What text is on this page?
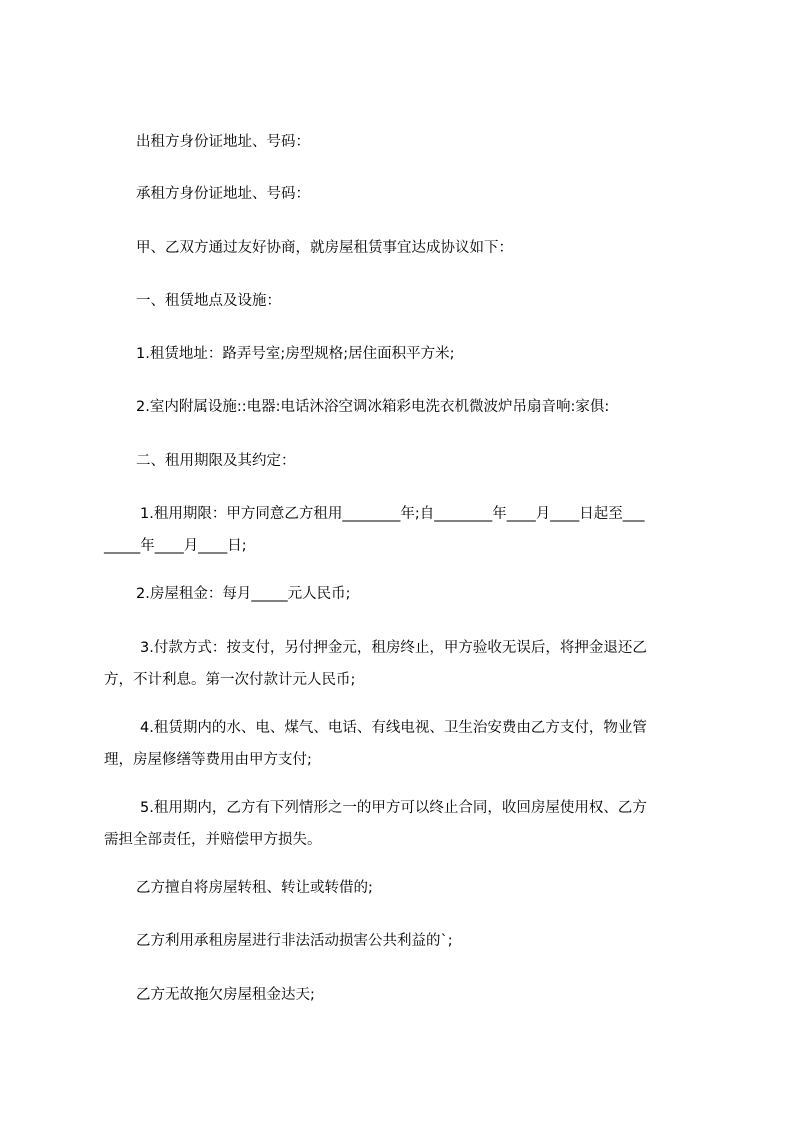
出租方身份证地址、号码：

承租方身份证地址、号码：

甲、乙双方通过友好协商，就房屋租赁事宜达成协议如下：

一、租赁地点及设施：

1.租赁地址：路弄号室;房型规格;居住面积平方米;

2.室内附属设施::电器:电话沐浴空调冰箱彩电洗衣机微波炉吊扇音响:家俱:

二、租用期限及其约定：

1.租用期限：甲方同意乙方租用________年;自________年____月____日起至___
_____年____月____日;

2.房屋租金：每月_____元人民币;

3.付款方式：按支付，另付押金元，租房终止，甲方验收无误后，将押金退还乙
方，不计利息。第一次付款计元人民币;

4.租赁期内的水、电、煤气、电话、有线电视、卫生治安费由乙方支付，物业管
理，房屋修缮等费用由甲方支付;

5.租用期内，乙方有下列情形之一的甲方可以终止合同，收回房屋使用权、乙方
需担全部责任，并赔偿甲方损失。

乙方擅自将房屋转租、转让或转借的;

乙方利用承租房屋进行非法活动损害公共利益的`;

乙方无故拖欠房屋租金达天;
